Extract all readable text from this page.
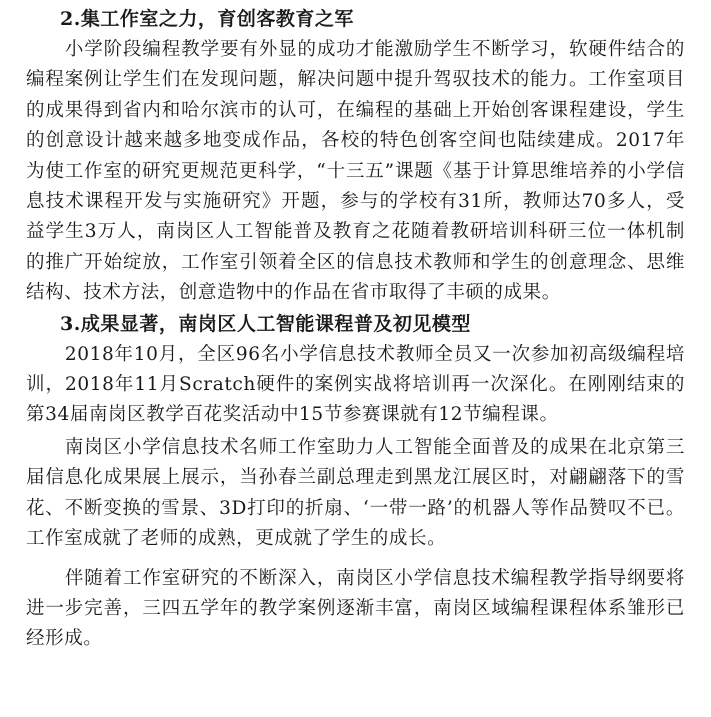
2.集工作室之力，育创客教育之军

小学阶段编程教学要有外显的成功才能激励学生不断学习，软硬件结合的编程案例让学生们在发现问题，解决问题中提升驾驭技术的能力。工作室项目的成果得到省内和哈尔滨市的认可，在编程的基础上开始创客课程建设，学生的创意设计越来越多地变成作品，各校的特色创客空间也陆续建成。2017年为使工作室的研究更规范更科学，“十三五”课题《基于计算思维培养的小学信息技术课程开发与实施研究》开题，参与的学校有31所，教师达70多人，受益学生3万人，南岗区人工智能普及教育之花随着教研培训科研三位一体机制的推广开始绽放，工作室引领着全区的信息技术教师和学生的创意理念、思维结构、技术方法，创意造物中的作品在省市取得了丰硕的成果。

3.成果显著，南岗区人工智能课程普及初见模型

2018年10月，全区96名小学信息技术教师全员又一次参加初高级编程培训，2018年11月Scratch硬件的案例实战将培训再一次深化。在刚刚结束的第34届南岗区教学百花奖活动中15节参赛课就有12节编程课。

南岗区小学信息技术名师工作室助力人工智能全面普及的成果在北京第三届信息化成果展上展示，当孙春兰副总理走到黑龙江展区时，对翩翩落下的雪花、不断变换的雪景、3D打印的折扇、‘一带一路’的机器人等作品赞叹不已。工作室成就了老师的成熟，更成就了学生的成长。

伴随着工作室研究的不断深入，南岗区小学信息技术编程教学指导纲要将进一步完善，三四五学年的教学案例逐渐丰富，南岗区域编程课程体系雏形已经形成。
